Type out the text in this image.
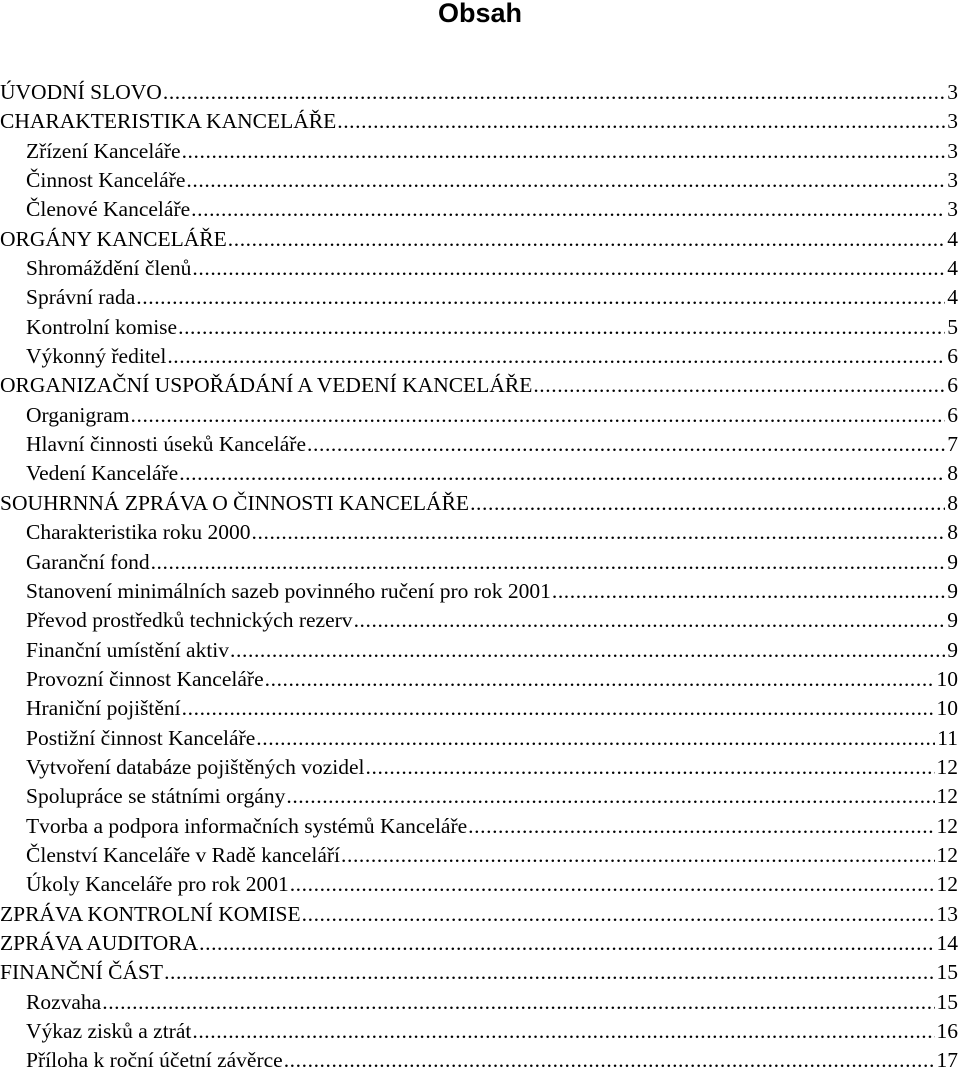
Obsah
ÚVODNÍ SLOVO .....	3
CHARAKTERISTIKA KANCELÁŘE .....	3
Zřízení Kanceláře .....	3
Činnost Kanceláře .....	3
Členové Kanceláře .....	3
ORGÁNY KANCELÁŘE .....	4
Shromáždění členů .....	4
Správní rada .....	4
Kontrolní komise .....	5
Výkonný ředitel .....	6
ORGANIZAČNÍ USPOŘÁDÁNÍ A VEDENÍ KANCELÁŘE .....	6
Organigram .....	6
Hlavní činnosti úseků Kanceláře .....	7
Vedení Kanceláře .....	8
SOUHRNNÁ ZPRÁVA O ČINNOSTI KANCELÁŘE .....	8
Charakteristika roku 2000 .....	8
Garanční fond .....	9
Stanovení minimálních sazeb povinného ručení pro rok 2001 .....	9
Převod prostředků technických rezerv .....	9
Finanční umístění aktiv .....	9
Provozní činnost Kanceláře .....	10
Hraniční pojištění .....	10
Postižní činnost Kanceláře .....	11
Vytvoření databáze pojištěných vozidel .....	12
Spolupráce se státními orgány .....	12
Tvorba a podpora informačních systémů Kanceláře .....	12
Členství Kanceláře v Radě kanceláří .....	12
Úkoly Kanceláře pro rok 2001 .....	12
ZPRÁVA KONTROLNÍ KOMISE .....	13
ZPRÁVA AUDITORA .....	14
FINANČNÍ ČÁST .....	15
Rozvaha .....	15
Výkaz zisků a ztrát .....	16
Příloha k roční účetní závěrce .....	17
